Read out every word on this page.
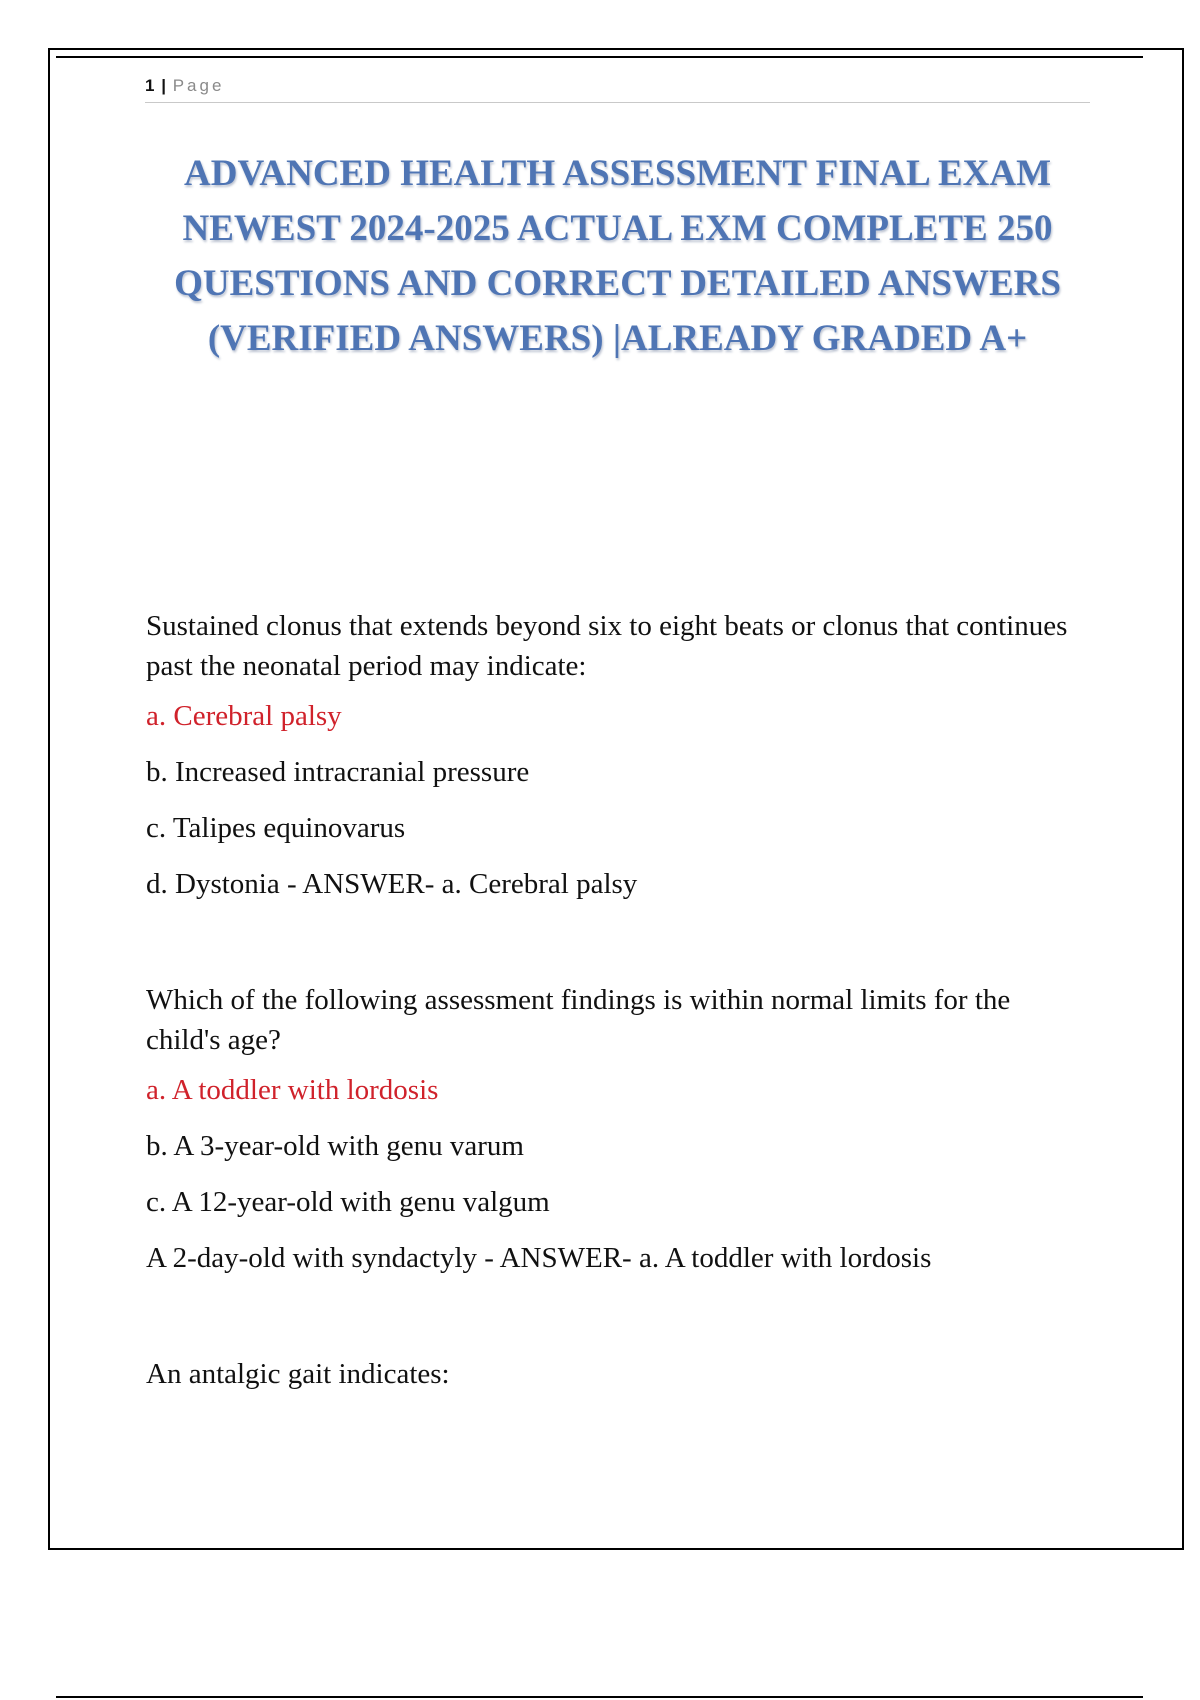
1 | Page
ADVANCED HEALTH ASSESSMENT FINAL EXAM NEWEST 2024-2025 ACTUAL EXM COMPLETE 250 QUESTIONS AND CORRECT DETAILED ANSWERS (VERIFIED ANSWERS) |ALREADY GRADED A+

Sustained clonus that extends beyond six to eight beats or clonus that continues past the neonatal period may indicate:

a. Cerebral palsy

b. Increased intracranial pressure

c. Talipes equinovarus

d. Dystonia - ANSWER- a. Cerebral palsy

Which of the following assessment findings is within normal limits for the child's age?

a. A toddler with lordosis

b. A 3-year-old with genu varum

c. A 12-year-old with genu valgum

A 2-day-old with syndactyly - ANSWER- a. A toddler with lordosis

An antalgic gait indicates:
